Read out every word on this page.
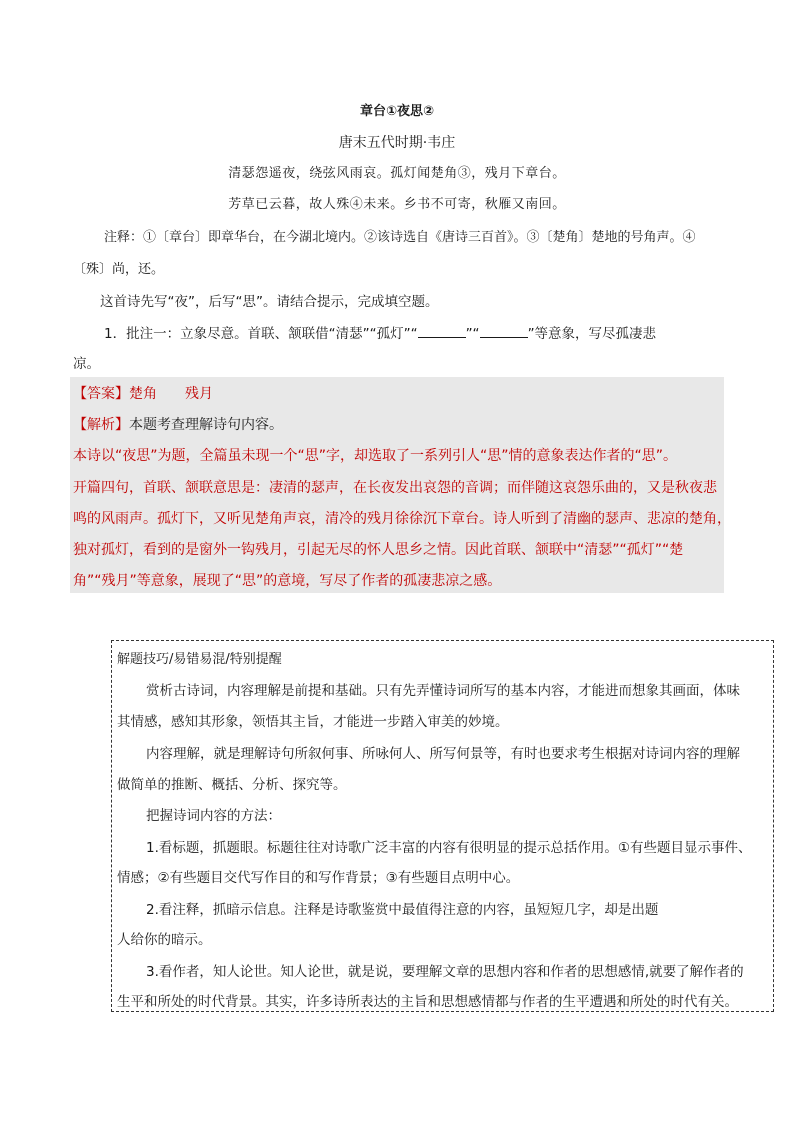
章台①夜思②
唐末五代时期·韦庄
清瑟怨遥夜，绕弦风雨哀。孤灯闻楚角③，残月下章台。
芳草已云暮，故人殊④未来。乡书不可寄，秋雁又南回。
注释：①〔章台〕即章华台，在今湖北境内。②该诗选自《唐诗三百首》。③〔楚角〕楚地的号角声。④
〔殊〕尚，还。
这首诗先写“夜”，后写“思”。请结合提示，完成填空题。
1．批注一：立象尽意。首联、颔联借“清瑟”“孤灯”“	”“	”等意象，写尽孤凄悲
凉。
【答案】楚角　　残月
【解析】本题考查理解诗句内容。
本诗以“夜思”为题，全篇虽未现一个“思”字，却选取了一系列引人“思”情的意象表达作者的“思”。
开篇四句，首联、颔联意思是：凄清的瑟声，在长夜发出哀怨的音调；而伴随这哀怨乐曲的，又是秋夜悲
鸣的风雨声。孤灯下，又听见楚角声哀，清冷的残月徐徐沉下章台。诗人听到了清幽的瑟声、悲凉的楚角，
独对孤灯，看到的是窗外一钩残月，引起无尽的怀人思乡之情。因此首联、颔联中“清瑟”“孤灯”“楚
角”“残月”等意象，展现了“思”的意境，写尽了作者的孤凄悲凉之感。
解题技巧/易错易混/特别提醒
赏析古诗词，内容理解是前提和基础。只有先弄懂诗词所写的基本内容，才能进而想象其画面，体味
其情感，感知其形象，领悟其主旨，才能进一步踏入审美的妙境。
内容理解，就是理解诗句所叙何事、所咏何人、所写何景等，有时也要求考生根据对诗词内容的理解
做简单的推断、概括、分析、探究等。
把握诗词内容的方法：
1.看标题，抓题眼。标题往往对诗歌广泛丰富的内容有很明显的提示总括作用。①有些题目显示事件、
情感；②有些题目交代写作目的和写作背景；③有些题目点明中心。
2.看注释，抓暗示信息。注释是诗歌鉴赏中最值得注意的内容，虽短短几字，却是出题
人给你的暗示。
3.看作者，知人论世。知人论世，就是说，要理解文章的思想内容和作者的思想感情,就要了解作者的
生平和所处的时代背景。其实，许多诗所表达的主旨和思想感情都与作者的生平遭遇和所处的时代有关。
